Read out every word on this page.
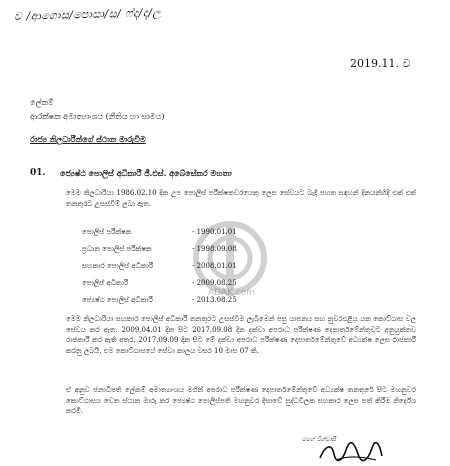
ව /ආගොස/පොසා/ස/ ෆ්ද/ද/ල
2019.11. ව
ලේකම්
ආරක්ෂක අමාත්‍යාංශය (නීතිය හා සාමය)
රාජ්‍ය නිලධාරීන්ගේ ස්ථාන මාරුවීම
01. ජ්‍යෙෂ්ඨ පොලිස් අධිකාරී ජී.එස්. අබේසේකර මහතා
මෙම නිලධාරියා 1986.02.10 දින උප පොලිස් පරීක්ෂකවරයෙකු ලෙස සේවයට බැදී පහත සඳහන් දිනයන්හිදී එක් එක් තනතුරට උසස්වීම් ලබා ඇත.
ADAK.com
පොලිස් පරීක්ෂක	- 1990.01.01
ප්‍රධාන පොලිස් පරීක්ෂක	- 1998.09.08
සහකාර පොලිස් අධිකාරී	- 2008.01.01
පොලිස් අධිකාරී	- 2009.08.25
ජ්‍යෙෂ්ඨ පොලිස් අධිකාරී	- 2013.08.25
මෙම නිලධාරියා සහකාර පොලිස් අධිකාරී තනතුරට උසස්වීම ලැබීමෙන් පසු යාපනය සහ නුවරඑළිය යන කොට්ඨාස වල සේවය කර ඇත. 2009.04.01 දින සිට 2017.09.08 දින දක්වා අපරාධ පරීක්ෂණ දෙපාර්තමේන්තුවට අනුයුක්තව රාජකාරී කර ඇති අතර, 2017.09.09 දින සිට මේ දක්වා අපරාධ පරීක්ෂණ දෙපාර්තමේන්තුවේ අධ්‍යක්ෂ ලෙස රාජකාරී කරනු ලබයි. එම කොට්ඨාසයේ සේවා කාලය වසර 10 මාස 07 කි.
ඒ අනුව ජනාධිපති ලේකම් අමාත්‍යාංශය මගින් අපරාධ පරීක්ෂණ දෙපාර්තමේන්තුවේ අධ්‍යක්ෂ තනතුරේ සිට මහනුවර කොට්ඨාසය වෙත ස්ථාන මාරු කර ජ්‍යෙෂ්ඨ පොලිස්පති මහනුවර දිසාවේ සුද්ධවිලක සහකාර ලෙස පත් කිරීම නිර්දේශ කරමි.
මගේ විශ්වාසී
